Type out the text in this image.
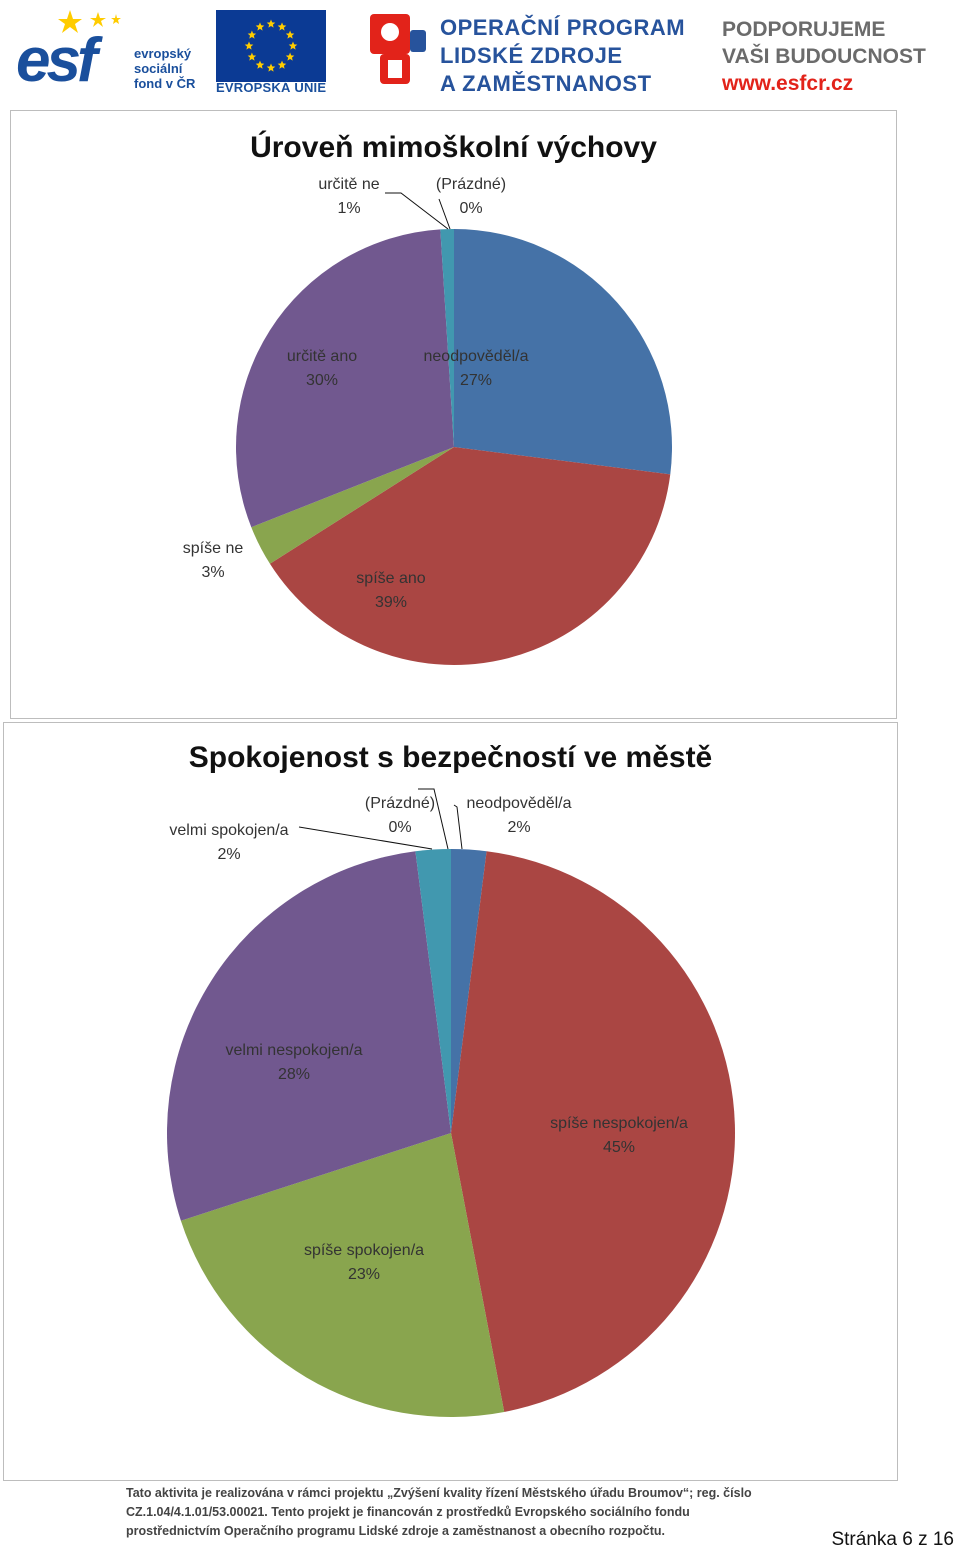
esf	evropský
sociální
fond v ČR EVROPSKÁ UNIE
OPERAČNÍ PROGRAM
LIDSKÉ ZDROJE
A ZAMĚSTNANOST
PODPORUJEME
VAŠI BUDOUCNOST
www.esfcr.cz
Úroveň mimoškolní výchovy
neodpověděl/a
27%
spíše ano
39%
spíše ne
3%
určitě ano
30%
určitě ne
1%
(Prázdné)
0%
Spokojenost s bezpečností ve městě
neodpověděl/a
2%
spíše nespokojen/a
45%
spíše spokojen/a
23%
velmi nespokojen/a
28%
velmi spokojen/a
2%
(Prázdné)
0%
Tato aktivita je realizována v rámci projektu „Zvýšení kvality řízení Městského úřadu Broumov“; reg. číslo
CZ.1.04/4.1.01/53.00021. Tento projekt je financován z prostředků Evropského sociálního fondu
prostřednictvím Operačního programu Lidské zdroje a zaměstnanost a obecního rozpočtu.	Stránka 6 z 16
